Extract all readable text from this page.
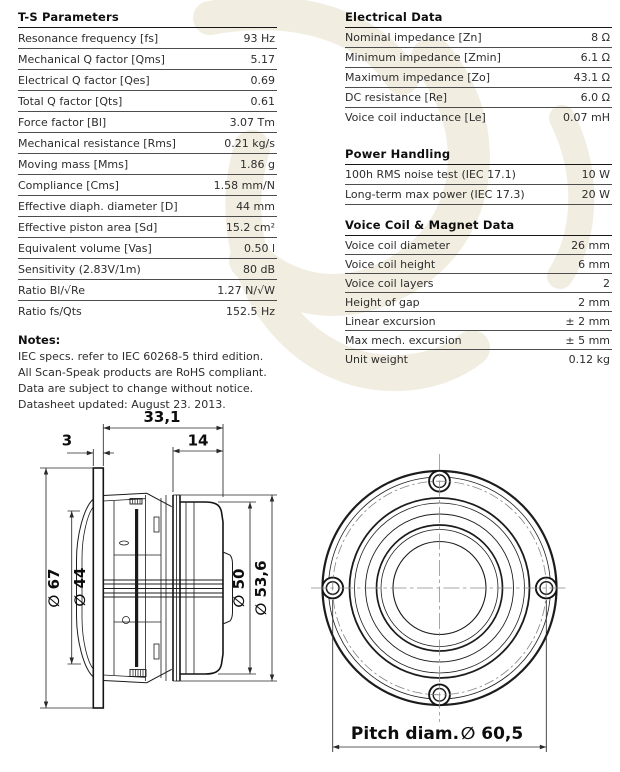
T-S Parameters
Resonance frequency [fs]	93 Hz
Mechanical Q factor [Qms]	5.17
Electrical Q factor [Qes]	0.69
Total Q factor [Qts]	0.61
Force factor [Bl]	3.07 Tm
Mechanical resistance [Rms]	0.21 kg/s
Moving mass [Mms]	1.86 g
Compliance [Cms]	1.58 mm/N
Effective diaph. diameter [D]	44 mm
Effective piston area [Sd]	15.2 cm²
Equivalent volume [Vas]	0.50 l
Sensitivity (2.83V/1m)	80 dB
Ratio Bl/√Re	1.27 N/√W
Ratio fs/Qts	152.5 Hz
Notes:
IEC specs. refer to IEC 60268-5 third edition.
All Scan-Speak products are RoHS compliant.
Data are subject to change without notice.
Datasheet updated: August 23. 2013.
Electrical Data
Nominal impedance [Zn]	8 Ω
Minimum impedance [Zmin]	6.1 Ω
Maximum impedance [Zo]	43.1 Ω
DC resistance [Re]	6.0 Ω
Voice coil inductance [Le]	0.07 mH
Power Handling
100h RMS noise test (IEC 17.1)	10 W
Long-term max power (IEC 17.3)	20 W
Voice Coil & Magnet Data
Voice coil diameter	26 mm
Voice coil height	6 mm
Voice coil layers	2
Height of gap	2 mm
Linear excursion	± 2 mm
Max mech. excursion	± 5 mm
Unit weight	0.12 kg
33,1
14
3
∅ 67 ∅ 44	∅ 50 ∅ 53,6
Pitch diam. ∅ 60,5
